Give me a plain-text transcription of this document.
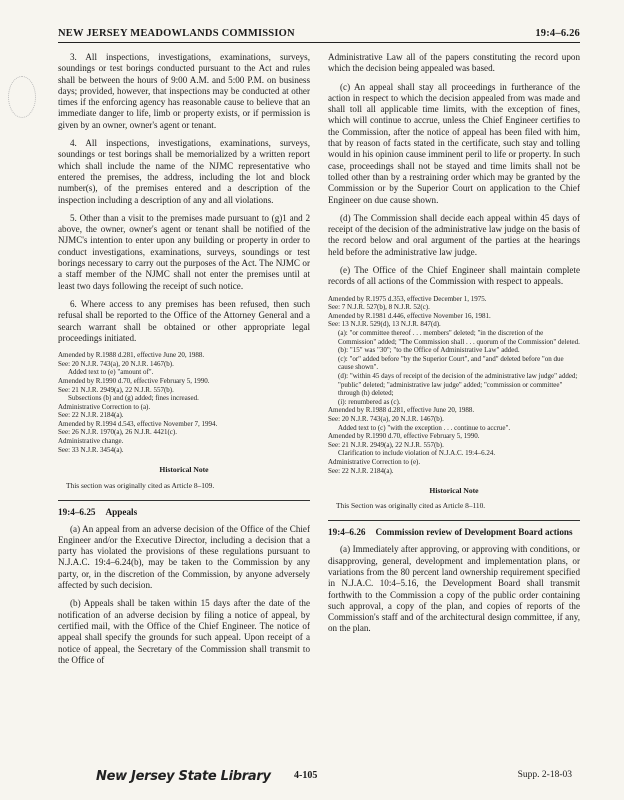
NEW JERSEY MEADOWLANDS COMMISSION	19:4–6.26

3. All inspections, investigations, examinations, surveys, soundings or test borings conducted pursuant to the Act and rules shall be between the hours of 9:00 A.M. and 5:00 P.M. on business days; provided, however, that inspections may be conducted at other times if the enforcing agency has reasonable cause to believe that an immediate danger to life, limb or property exists, or if permission is given by an owner, owner's agent or tenant.

4. All inspections, investigations, examinations, surveys, soundings or test borings shall be memorialized by a written report which shall include the name of the NJMC representative who entered the premises, the address, including the lot and block number(s), of the premises entered and a description of the inspection including a description of any and all violations.

5. Other than a visit to the premises made pursuant to (g)1 and 2 above, the owner, owner's agent or tenant shall be notified of the NJMC's intention to enter upon any building or property in order to conduct investigations, examinations, surveys, soundings or test borings necessary to carry out the purposes of the Act. The NJMC or a staff member of the NJMC shall not enter the premises until at least two days following the receipt of such notice.

6. Where access to any premises has been refused, then such refusal shall be reported to the Office of the Attorney General and a search warrant shall be obtained or other appropriate legal proceedings initiated.

Amended by R.1988 d.281, effective June 20, 1988.

See: 20 N.J.R. 743(a), 20 N.J.R. 1467(b).

Added text to (e) "amount of".

Amended by R.1990 d.70, effective February 5, 1990.

See: 21 N.J.R. 2949(a), 22 N.J.R. 557(b).

Subsections (b) and (g) added; fines increased.

Administrative Correction to (a).

See: 22 N.J.R. 2184(a).

Amended by R.1994 d.543, effective November 7, 1994.

See: 26 N.J.R. 1970(a), 26 N.J.R. 4421(c).

Administrative change.

See: 33 N.J.R. 3454(a).

Historical Note

This section was originally cited as Article 8–109.

19:4–6.25 Appeals

(a) An appeal from an adverse decision of the Office of the Chief Engineer and/or the Executive Director, including a decision that a party has violated the provisions of these regulations pursuant to N.J.A.C. 19:4–6.24(b), may be taken to the Commission by any party, or, in the discretion of the Commission, by anyone adversely affected by such decision.

(b) Appeals shall be taken within 15 days after the date of the notification of an adverse decision by filing a notice of appeal, by certified mail, with the Office of the Chief Engineer. The notice of appeal shall specify the grounds for such appeal. Upon receipt of a notice of appeal, the Secretary of the Commission shall transmit to the Office of

Administrative Law all of the papers constituting the record upon which the decision being appealed was based.

(c) An appeal shall stay all proceedings in furtherance of the action in respect to which the decision appealed from was made and shall toll all applicable time limits, with the exception of fines, which will continue to accrue, unless the Chief Engineer certifies to the Commission, after the notice of appeal has been filed with him, that by reason of facts stated in the certificate, such stay and tolling would in his opinion cause imminent peril to life or property. In such case, proceedings shall not be stayed and time limits shall not be tolled other than by a restraining order which may be granted by the Commission or by the Superior Court on application to the Chief Engineer on due cause shown.

(d) The Commission shall decide each appeal within 45 days of receipt of the decision of the administrative law judge on the basis of the record below and oral argument of the parties at the hearings held before the administrative law judge.

(e) The Office of the Chief Engineer shall maintain complete records of all actions of the Commission with respect to appeals.

Amended by R.1975 d.353, effective December 1, 1975.

See: 7 N.J.R. 527(b), 8 N.J.R. 52(c).

Amended by R.1981 d.446, effective November 16, 1981.

See: 13 N.J.R. 529(d), 13 N.J.R. 847(d).

(a): "or committee thereof . . . members" deleted; "in the discretion of the Commission" added; "The Commission shall . . . quorum of the Commission" deleted.

(b): "15" was "30"; "to the Office of Administrative Law" added.

(c): "or" added before "by the Superior Court", and "and" deleted before "on due cause shown".

(d): "within 45 days of receipt of the decision of the administrative law judge" added; "public" deleted; "administrative law judge" added; "commission or committee" through (h) deleted;

(i): renumbered as (c).

Amended by R.1988 d.281, effective June 20, 1988.

See: 20 N.J.R. 743(a), 20 N.J.R. 1467(b).

Added text to (c) "with the exception . . . continue to accrue".

Amended by R.1990 d.70, effective February 5, 1990.

See: 21 N.J.R. 2949(a), 22 N.J.R. 557(b).

Clarification to include violation of N.J.A.C. 19:4–6.24.

Administrative Correction to (e).

See: 22 N.J.R. 2184(a).

Historical Note

This Section was originally cited as Article 8–110.

19:4–6.26 Commission review of Development Board actions

(a) Immediately after approving, or approving with conditions, or disapproving, general, development and implementation plans, or variations from the 80 percent land ownership requirement specified in N.J.A.C. 10:4–5.16, the Development Board shall transmit forthwith to the Commission a copy of the public order containing such approval, a copy of the plan, and copies of reports of the Commission's staff and of the architectural design committee, if any, on the plan.

New Jersey State Library 4-105	Supp. 2-18-03
